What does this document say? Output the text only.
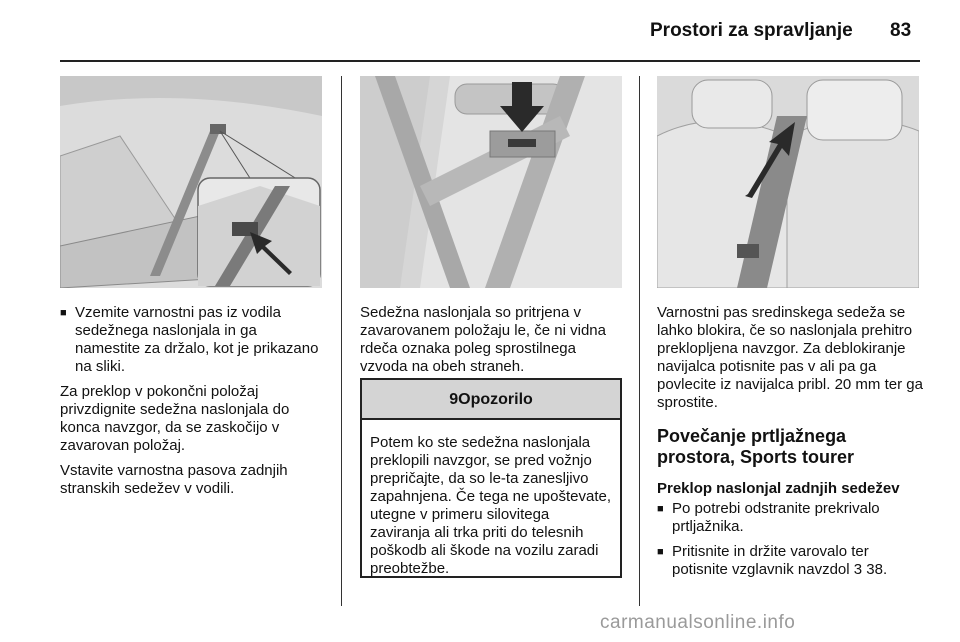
Prostori za spravljanje 83
■ Vzemite varnostni pas iz vodila sedežnega naslonjala in ga namestite za držalo, kot je prikazano na sliki.
Za preklop v pokončni položaj privzdignite sedežna naslonjala do konca navzgor, da se zaskočijo v zavarovan položaj.
Vstavite varnostna pasova zadnjih stranskih sedežev v vodili.
Sedežna naslonjala so pritrjena v zavarovanem položaju le, če ni vidna rdeča oznaka poleg sprostilnega vzvoda na obeh straneh.
9Opozorilo
Potem ko ste sedežna naslonjala preklopili navzgor, se pred vožnjo prepričajte, da so le-ta zanesljivo zapahnjena. Če tega ne upoštevate, utegne v primeru silovitega zaviranja ali trka priti do telesnih poškodb ali škode na vozilu zaradi preobtežbe.
Varnostni pas sredinskega sedeža se lahko blokira, če so naslonjala prehitro preklopljena navzgor. Za deblokiranje navijalca potisnite pas v ali pa ga povlecite iz navijalca pribl. 20 mm ter ga sprostite.
Povečanje prtljažnega prostora, Sports tourer
Preklop naslonjal zadnjih sedežev
■ Po potrebi odstranite prekrivalo prtljažnika.
■ Pritisnite in držite varovalo ter potisnite vzglavnik navzdol 3 38.
carmanualsonline.info
